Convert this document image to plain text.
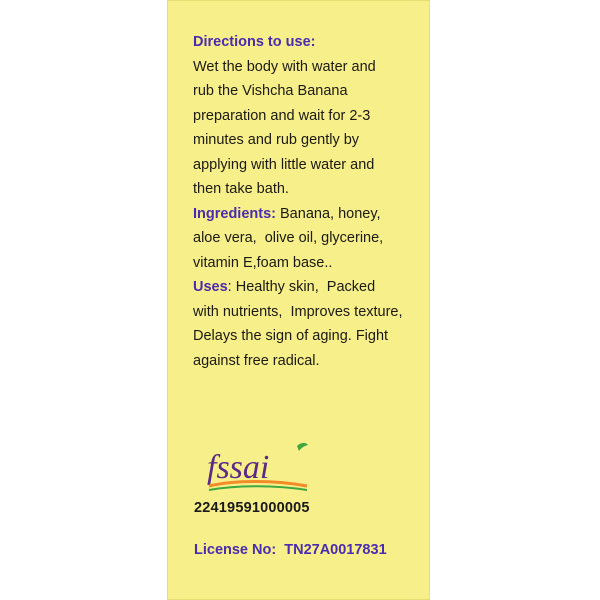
Directions to use:
Wet the body with water and
rub the Vishcha Banana
preparation and wait for 2-3
minutes and rub gently by
applying with little water and
then take bath.

Ingredients: Banana, honey,
aloe vera,  olive oil, glycerine,
vitamin E,foam base..

Uses: Healthy skin,  Packed
with nutrients,  Improves texture,
Delays the sign of aging. Fight
against free radical.

fssai
22419591000005
License No:  TN27A0017831
